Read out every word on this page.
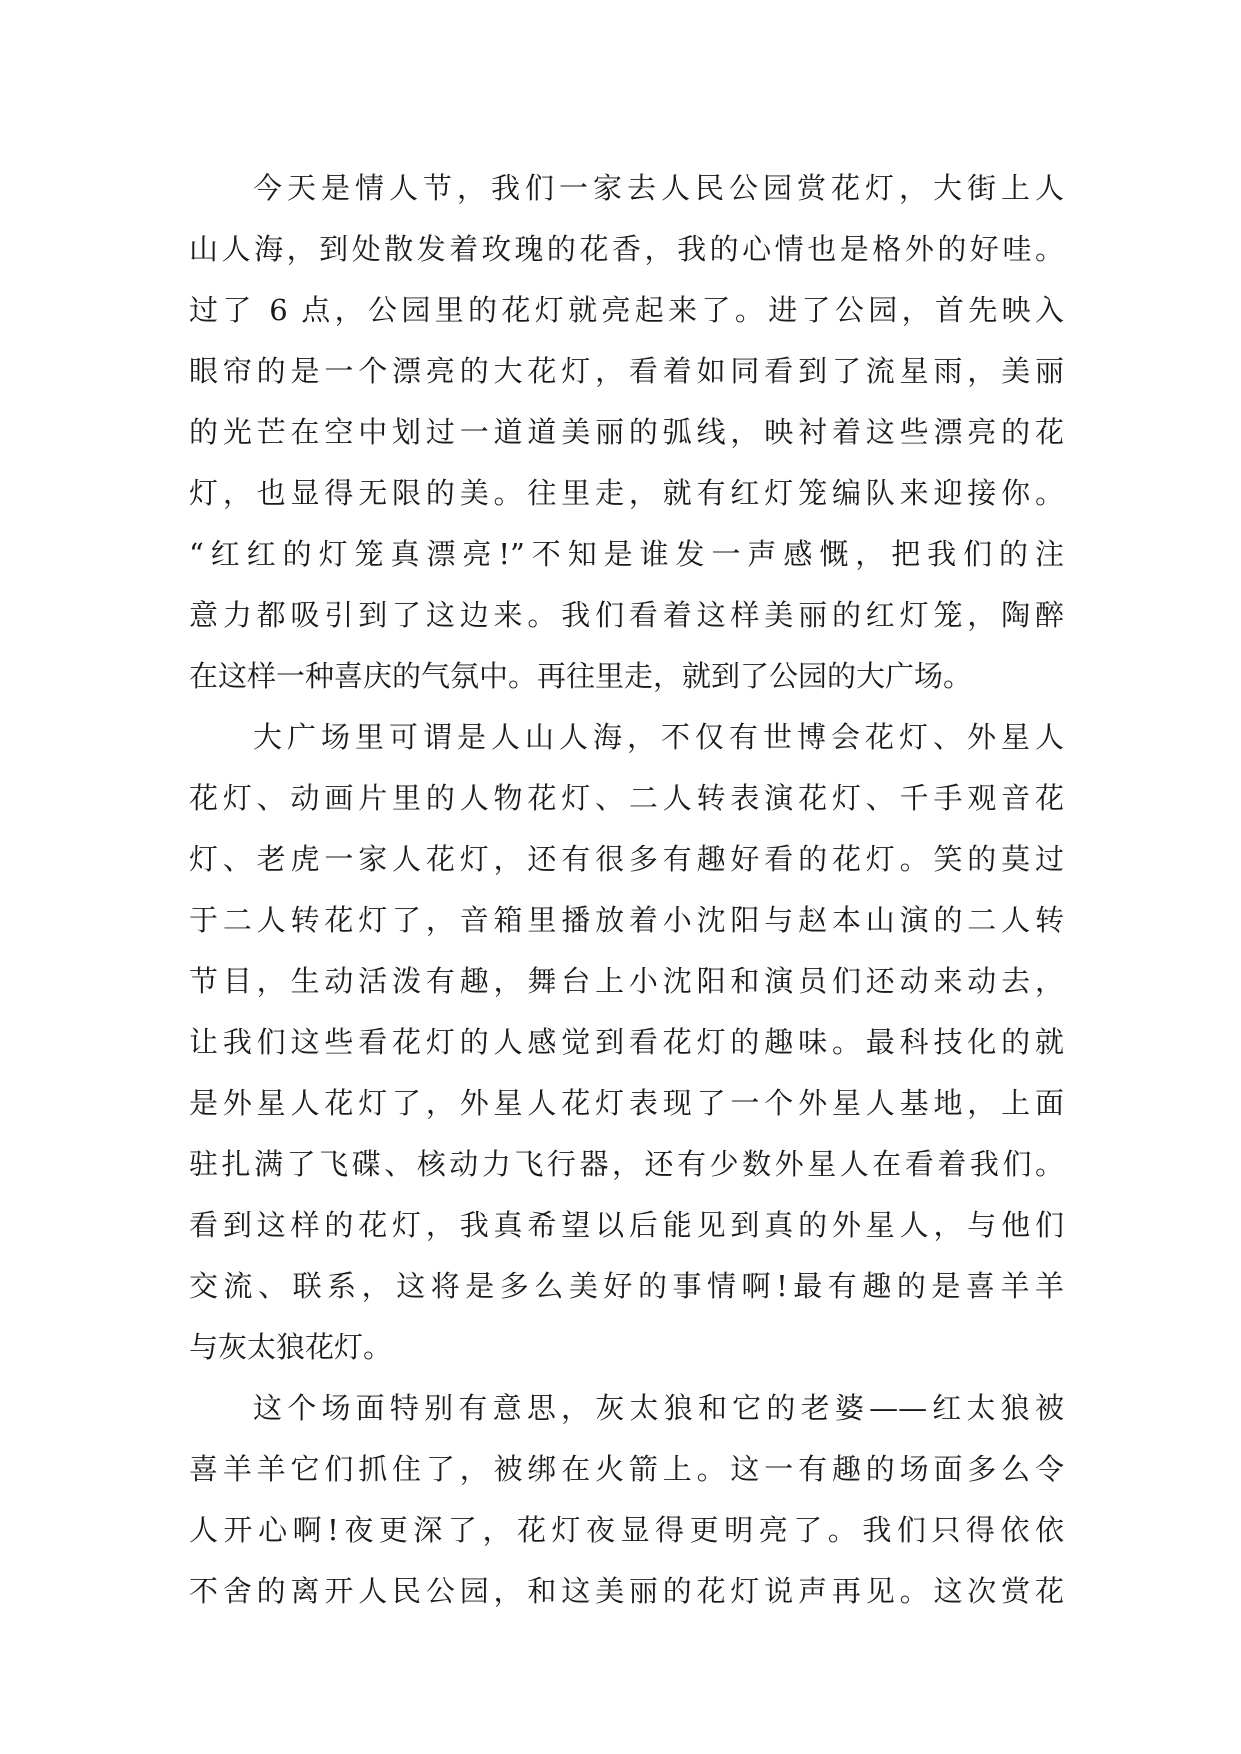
今天是情人节，我们一家去人民公园赏花灯，大街上人
山人海，到处散发着玫瑰的花香，我的心情也是格外的好哇。
过了 6 点，公园里的花灯就亮起来了。进了公园，首先映入
眼帘的是一个漂亮的大花灯，看着如同看到了流星雨，美丽
的光芒在空中划过一道道美丽的弧线，映衬着这些漂亮的花
灯，也显得无限的美。往里走，就有红灯笼编队来迎接你。
“红红的灯笼真漂亮!”不知是谁发一声感慨，把我们的注
意力都吸引到了这边来。我们看着这样美丽的红灯笼，陶醉
在这样一种喜庆的气氛中。再往里走，就到了公园的大广场。
大广场里可谓是人山人海，不仅有世博会花灯、外星人
花灯、动画片里的人物花灯、二人转表演花灯、千手观音花
灯、老虎一家人花灯，还有很多有趣好看的花灯。笑的莫过
于二人转花灯了，音箱里播放着小沈阳与赵本山演的二人转
节目，生动活泼有趣，舞台上小沈阳和演员们还动来动去，
让我们这些看花灯的人感觉到看花灯的趣味。最科技化的就
是外星人花灯了，外星人花灯表现了一个外星人基地，上面
驻扎满了飞碟、核动力飞行器，还有少数外星人在看着我们。
看到这样的花灯，我真希望以后能见到真的外星人，与他们
交流、联系，这将是多么美好的事情啊!最有趣的是喜羊羊
与灰太狼花灯。
这个场面特别有意思，灰太狼和它的老婆——红太狼被
喜羊羊它们抓住了，被绑在火箭上。这一有趣的场面多么令
人开心啊!夜更深了，花灯夜显得更明亮了。我们只得依依
不舍的离开人民公园，和这美丽的花灯说声再见。这次赏花
